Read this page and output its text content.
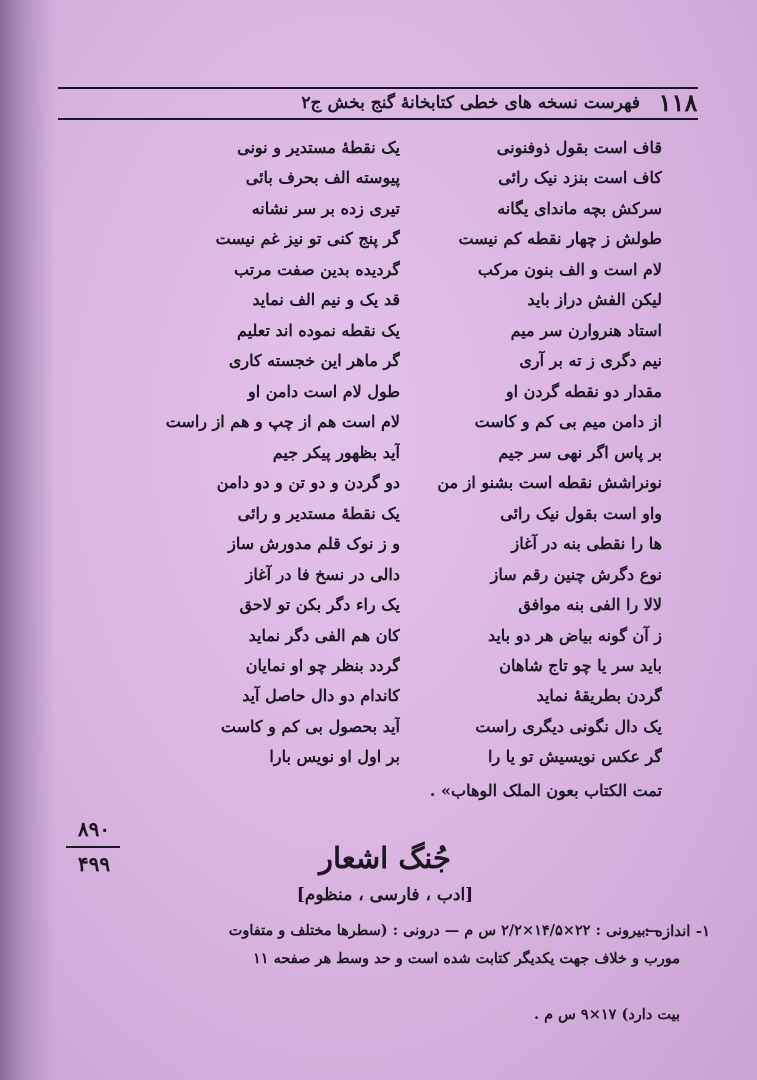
فهرست نسخه های خطی کتابخانهٔ گنج بخش ج۲ ۱۱۸
قاف است بقول ذوفنونی
کاف است بنزد نیک رائی
سرکش بچه ماندای یگانه
طولش ز چهار نقطه کم نیست
لام است و الف بنون مرکب
لیکن الفش دراز باید
استاد هنروارن سر میم
نیم دگری ز ته بر آری
مقدار دو نقطه گردن او
از دامن میم بی کم و کاست
بر پاس اگر نهی سر جیم
نونراشش نقطه است بشنو از من
واو است بقول نیک رائی
ها را نقطی بنه در آغاز
نوع دگرش چنین رقم ساز
لالا را الفی بنه موافق
ز آن گونه بیاض هر دو باید
باید سر یا چو تاج شاهان
گردن بطریقهٔ نماید
یک دال نگونی دیگری راست
گر عکس نویسیش تو یا را
یک نقطهٔ مستدیر و نونی
پیوسته الف بحرف بائی
تیری زده بر سر نشانه
گر پنج کنی تو نیز غم نیست
گردیده بدین صفت مرتب
قد یک و نیم الف نماید
یک نقطه نموده اند تعلیم
گر ماهر این خجسته کاری
طول لام است دامن او
لام است هم از چپ و هم از راست
آید بظهور پیکر جیم
دو گردن و دو تن و دو دامن
یک نقطهٔ مستدیر و رائی
و ز نوک قلم مدورش ساز
دالی در نسخ فا در آغاز
یک راء دگر بکن تو لاحق
کان هم الفی دگر نماید
گردد بنظر چو او نمایان
کاندام دو دال حاصل آید
آید بحصول بی کم و کاست
بر اول او نویس بارا
تمت الکتاب بعون الملک الوهاب» .
۸۹۰
۴۹۹	جُنگ اشعار
[ادب ، فارسی ، منظوم]
۱- اندازه :
—بیرونی : ۲۲×۱۴/۵×۲/۲ س م — درونی : (سطرها مختلف و متفاوت
مورب و خلاف جهت یکدیگر کتابت شده است و حد وسط هر صفحه ۱۱
بیت دارد) ۱۷×۹ س م .
